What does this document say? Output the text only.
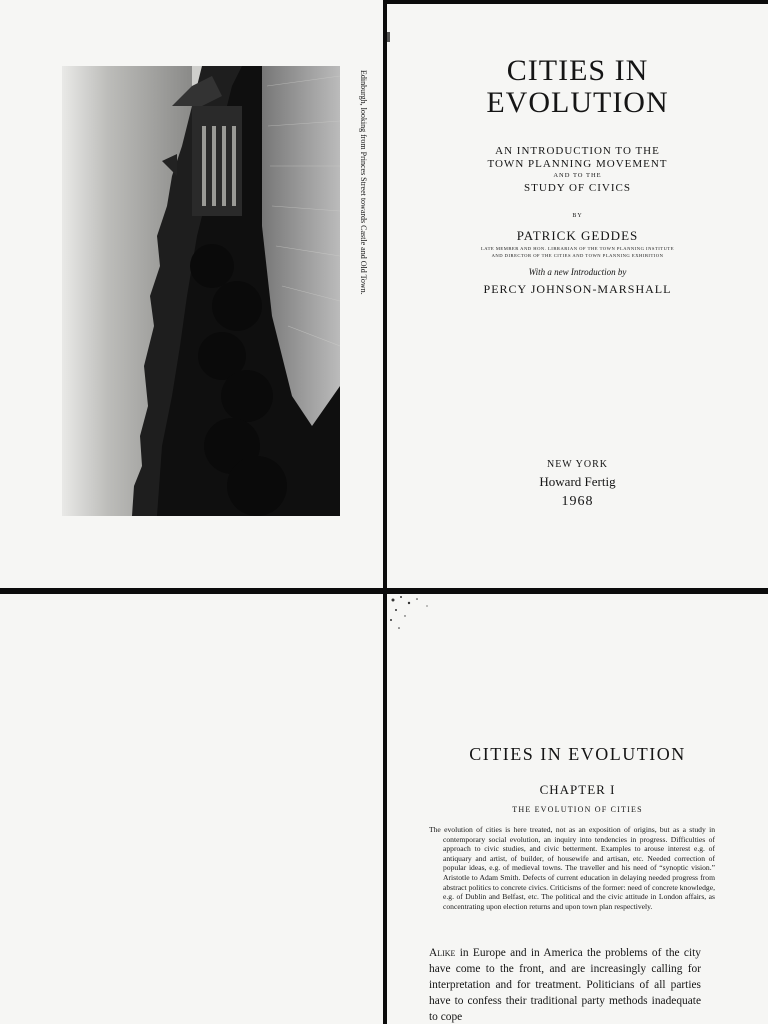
Edinburgh, looking from Princes Street towards Castle and Old Town.	CITIES IN
EVOLUTION
AN INTRODUCTION TO THE
TOWN PLANNING MOVEMENT
AND TO THE
STUDY OF CIVICS
BY
PATRICK GEDDES
LATE MEMBER AND HON. LIBRARIAN OF THE TOWN PLANNING INSTITUTE
AND DIRECTOR OF THE CITIES AND TOWN PLANNING EXHIBITION
With a new Introduction by
PERCY JOHNSON-MARSHALL
NEW YORK
Howard Fertig
1968
CITIES IN EVOLUTION
CHAPTER I
THE EVOLUTION OF CITIES
The evolution of cities is here treated, not as an exposition of origins, but as a study in contemporary social evolution, an inquiry into tendencies in progress. Difficulties of approach to civic studies, and civic betterment. Examples to arouse interest e.g. of antiquary and artist, of builder, of housewife and artisan, etc. Needed correction of popular ideas, e.g. of medieval towns. The traveller and his need of “synoptic vision.” Aristotle to Adam Smith. Defects of current education in delaying needed progress from abstract politics to concrete civics. Criticisms of the former: need of concrete knowledge, e.g. of Dublin and Belfast, etc. The political and the civic attitude in London affairs, as concentrating upon election returns and upon town plan respectively.
Alike in Europe and in America the problems of the city have come to the front, and are increasingly calling for interpretation and for treatment. Politicians of all parties have to confess their traditional party methods inadequate to cope
